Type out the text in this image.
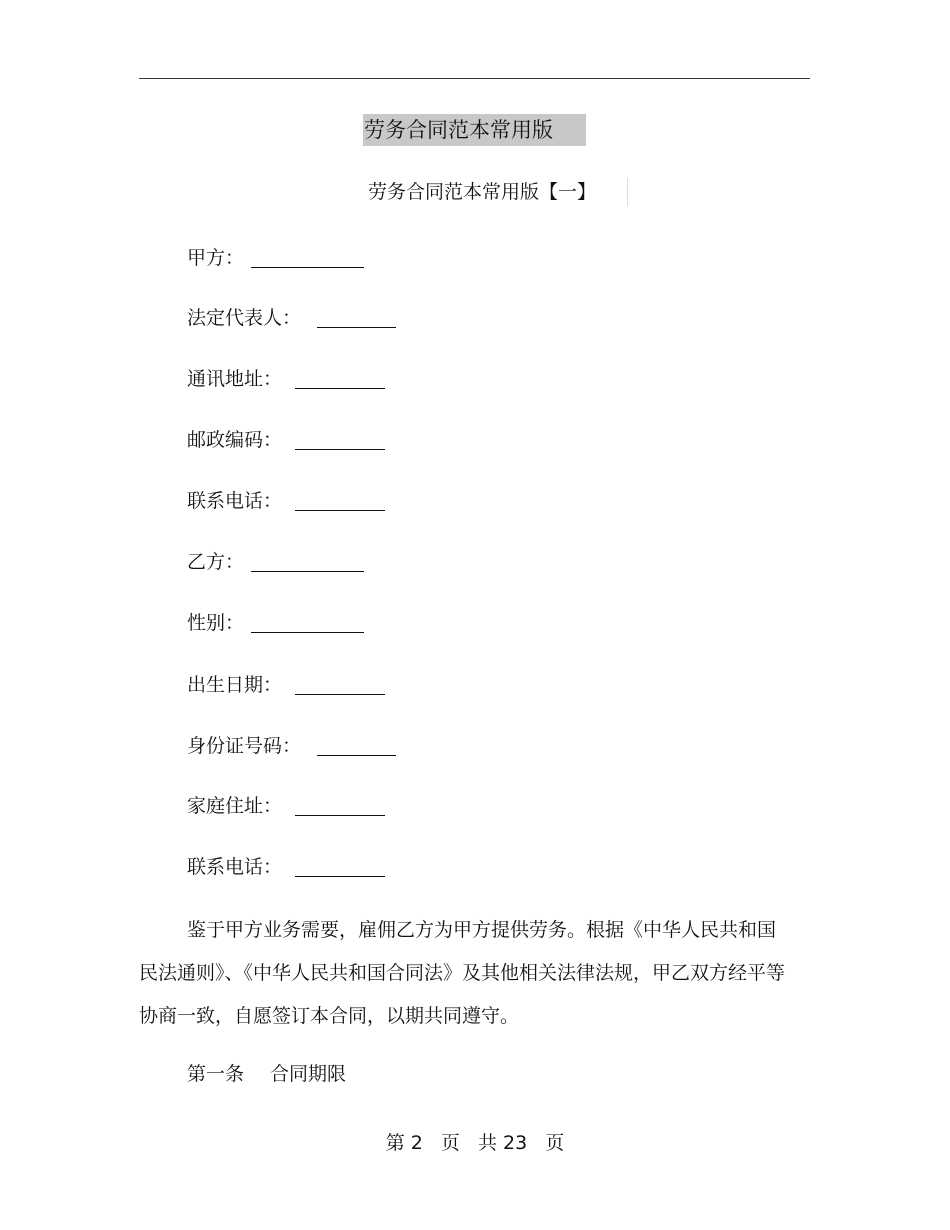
劳务合同范本常用版
劳务合同范本常用版【一】
甲方：
法定代表人：
通讯地址：
邮政编码：
联系电话：
乙方：
性别：
出生日期：
身份证号码：
家庭住址：
联系电话：

鉴于甲方业务需要，雇佣乙方为甲方提供劳务。根据《中华人民共和国民法通则》、《中华人民共和国合同法》及其他相关法律法规，甲乙双方经平等协商一致，自愿签订本合同，以期共同遵守。

第一条 合同期限
第 2 页 共 23 页
